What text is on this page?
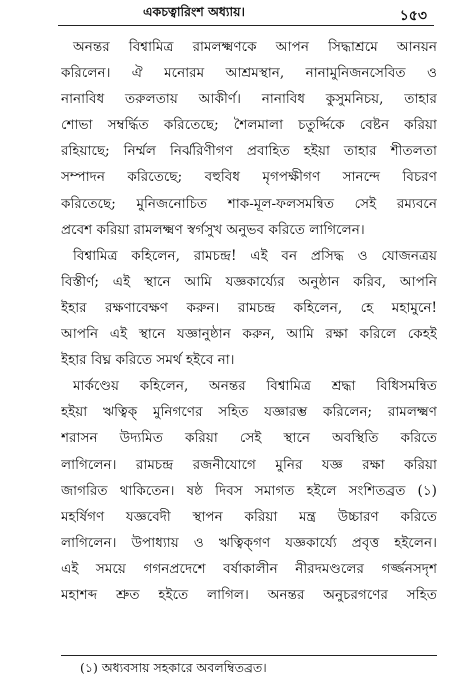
একচত্বারিংশ অধ্যায়।	১৫৩
অনন্তর বিশ্বামিত্র রামলক্ষ্মণকে আপন সিদ্ধাশ্রমে আনয়ন
করিলেন। ঐ মনোরম আশ্রমস্থান, নানামুনিজনসেবিত ও
নানাবিধ তরুলতায় আকীর্ণ। নানাবিধ কুসুমনিচয়, তাহার
শোভা সম্বর্দ্ধিত করিতেছে; শৈলমালা চতুর্দ্দিকে বেষ্টন করিয়া
রহিয়াছে; নির্ম্মল নির্ঝরিণীগণ প্রবাহিত হইয়া তাহার শীতলতা
সম্পাদন করিতেছে; বহুবিধ মৃগপক্ষীগণ সানন্দে বিচরণ
করিতেছে; মুনিজনোচিত শাক-মূল-ফলসমন্বিত সেই রম্যবনে
প্রবেশ করিয়া রামলক্ষ্মণ স্বর্গসুখ অনুভব করিতে লাগিলেন।
বিশ্বামিত্র কহিলেন, রামচন্দ্র! এই বন প্রসিদ্ধ ও যোজনত্রয়
বিস্তীর্ণ; এই স্থানে আমি যজ্ঞকার্য্যের অনুষ্ঠান করিব, আপনি
ইহার রক্ষণাবেক্ষণ করুন। রামচন্দ্র কহিলেন, হে মহামুনে!
আপনি এই স্থানে যজ্ঞানুষ্ঠান করুন, আমি রক্ষা করিলে কেহই
ইহার বিঘ্ন করিতে সমর্থ হইবে না।
মার্কণ্ডেয় কহিলেন, অনন্তর বিশ্বামিত্র শ্রদ্ধা বিধিসমন্বিত
হইয়া ঋত্বিক্ মুনিগণের সহিত যজ্ঞারম্ভ করিলেন; রামলক্ষ্মণ
শরাসন উদ্যমিত করিয়া সেই স্থানে অবস্থিতি করিতে
লাগিলেন। রামচন্দ্র রজনীযোগে মুনির যজ্ঞ রক্ষা করিয়া
জাগরিত থাকিতেন। ষষ্ঠ দিবস সমাগত হইলে সংশিতব্রত (১)
মহর্ষিগণ যজ্ঞবেদী স্থাপন করিয়া মন্ত্র উচ্চারণ করিতে
লাগিলেন। উপাধ্যায় ও ঋত্বিক্গণ যজ্ঞকার্য্যে প্রবৃত্ত হইলেন।
এই সময়ে গগনপ্রদেশে বর্ষাকালীন নীরদমণ্ডলের গর্জ্জনসদৃশ
মহাশব্দ শ্রুত হইতে লাগিল। অনন্তর অনুচরগণের সহিত
(১) অধ্যবসায় সহকারে অবলম্বিতব্রত।
